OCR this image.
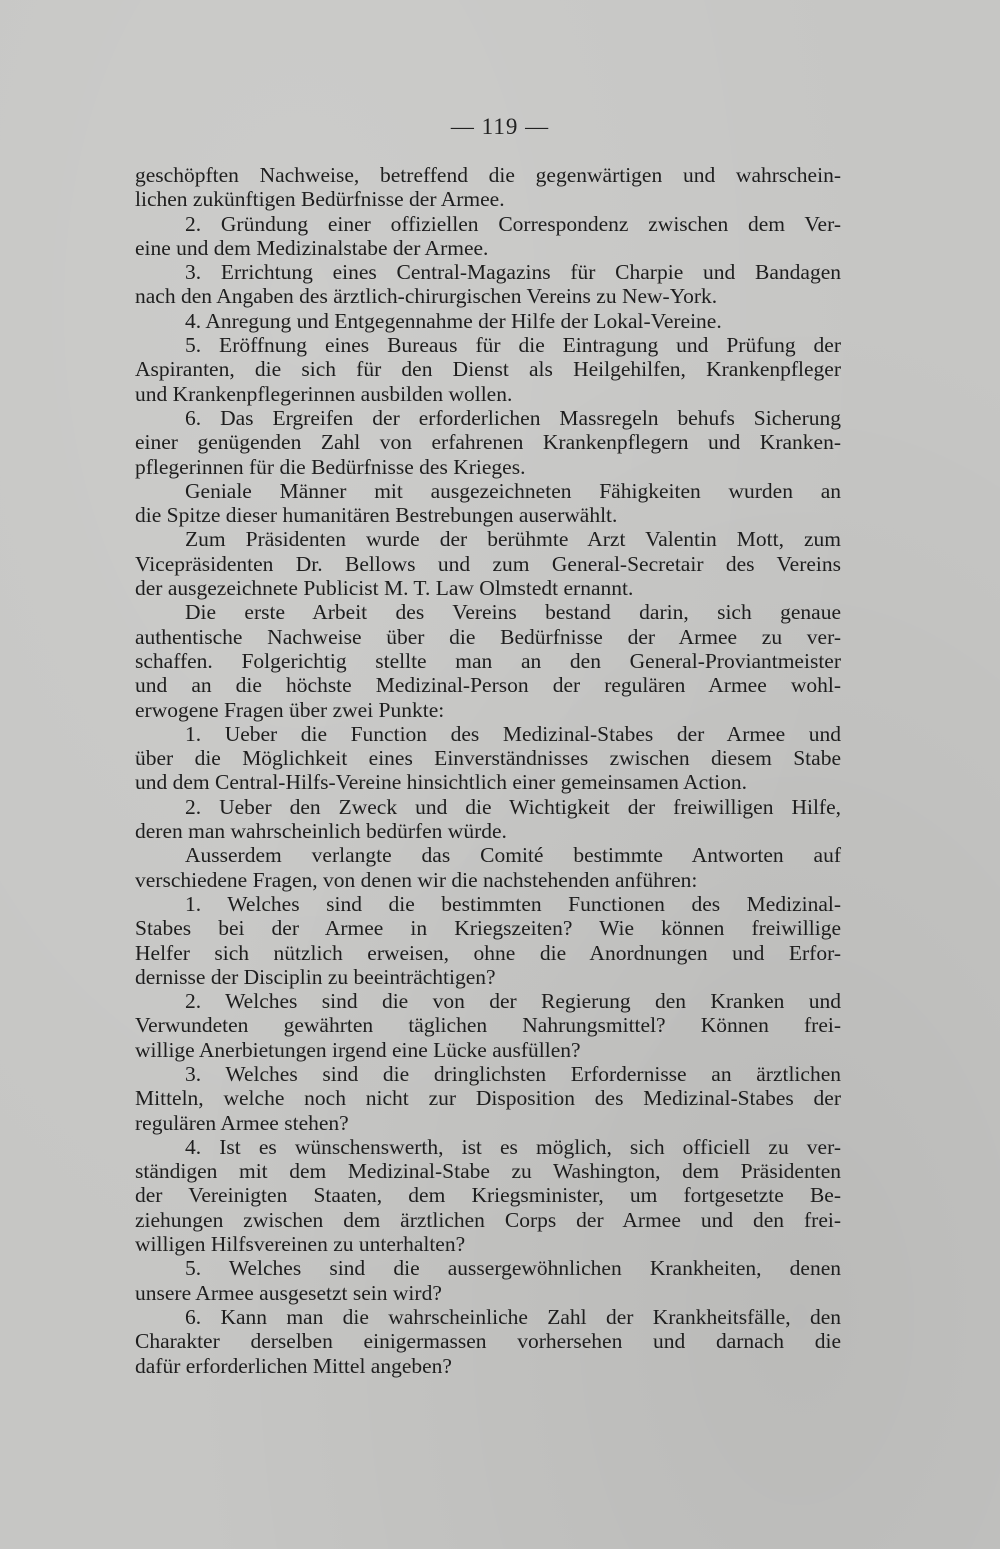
— 119 —
geschöpften Nachweise, betreffend die gegenwärtigen und wahrschein-
lichen zukünftigen Bedürfnisse der Armee.
2. Gründung einer offiziellen Correspondenz zwischen dem Ver-
eine und dem Medizinalstabe der Armee.
3. Errichtung eines Central-Magazins für Charpie und Bandagen
nach den Angaben des ärztlich-chirurgischen Vereins zu New-York.
4. Anregung und Entgegennahme der Hilfe der Lokal-Vereine.
5. Eröffnung eines Bureaus für die Eintragung und Prüfung der
Aspiranten, die sich für den Dienst als Heilgehilfen, Krankenpfleger
und Krankenpflegerinnen ausbilden wollen.
6. Das Ergreifen der erforderlichen Massregeln behufs Sicherung
einer genügenden Zahl von erfahrenen Krankenpflegern und Kranken-
pflegerinnen für die Bedürfnisse des Krieges.
Geniale Männer mit ausgezeichneten Fähigkeiten wurden an
die Spitze dieser humanitären Bestrebungen auserwählt.
Zum Präsidenten wurde der berühmte Arzt Valentin Mott, zum
Vicepräsidenten Dr. Bellows und zum General-Secretair des Vereins
der ausgezeichnete Publicist M. T. Law Olmstedt ernannt.
Die erste Arbeit des Vereins bestand darin, sich genaue
authentische Nachweise über die Bedürfnisse der Armee zu ver-
schaffen. Folgerichtig stellte man an den General-Proviantmeister
und an die höchste Medizinal-Person der regulären Armee wohl-
erwogene Fragen über zwei Punkte:
1. Ueber die Function des Medizinal-Stabes der Armee und
über die Möglichkeit eines Einverständnisses zwischen diesem Stabe
und dem Central-Hilfs-Vereine hinsichtlich einer gemeinsamen Action.
2. Ueber den Zweck und die Wichtigkeit der freiwilligen Hilfe,
deren man wahrscheinlich bedürfen würde.
Ausserdem verlangte das Comité bestimmte Antworten auf
verschiedene Fragen, von denen wir die nachstehenden anführen:
1. Welches sind die bestimmten Functionen des Medizinal-
Stabes bei der Armee in Kriegszeiten? Wie können freiwillige
Helfer sich nützlich erweisen, ohne die Anordnungen und Erfor-
dernisse der Disciplin zu beeinträchtigen?
2. Welches sind die von der Regierung den Kranken und
Verwundeten gewährten täglichen Nahrungsmittel? Können frei-
willige Anerbietungen irgend eine Lücke ausfüllen?
3. Welches sind die dringlichsten Erfordernisse an ärztlichen
Mitteln, welche noch nicht zur Disposition des Medizinal-Stabes der
regulären Armee stehen?
4. Ist es wünschenswerth, ist es möglich, sich officiell zu ver-
ständigen mit dem Medizinal-Stabe zu Washington, dem Präsidenten
der Vereinigten Staaten, dem Kriegsminister, um fortgesetzte Be-
ziehungen zwischen dem ärztlichen Corps der Armee und den frei-
willigen Hilfsvereinen zu unterhalten?
5. Welches sind die aussergewöhnlichen Krankheiten, denen
unsere Armee ausgesetzt sein wird?
6. Kann man die wahrscheinliche Zahl der Krankheitsfälle, den
Charakter derselben einigermassen vorhersehen und darnach die
dafür erforderlichen Mittel angeben?
